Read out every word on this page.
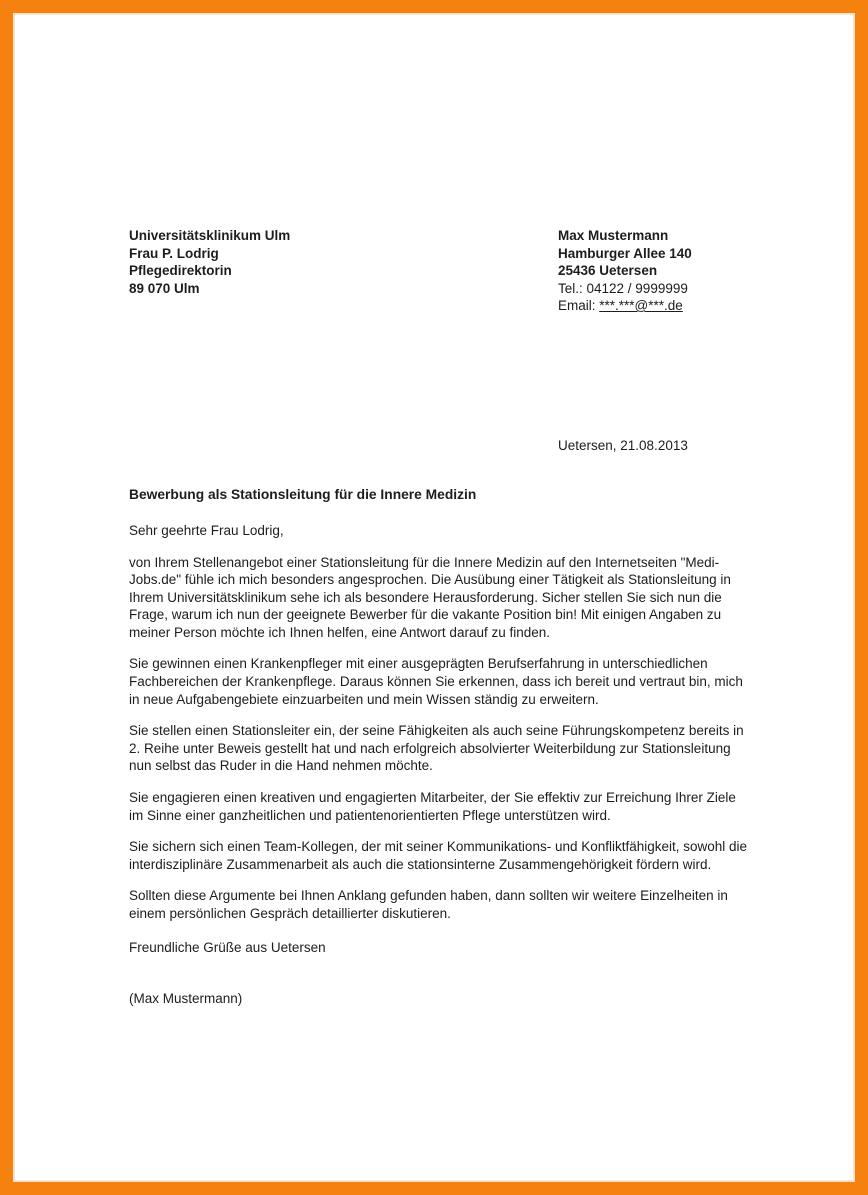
Universitätsklinikum Ulm
Frau P. Lodrig
Pflegedirektorin
89 070 Ulm
Max Mustermann
Hamburger Allee 140
25436 Uetersen
Tel.: 04122 / 9999999
Email: ***.***@***.de
Uetersen, 21.08.2013
Bewerbung als Stationsleitung für die Innere Medizin
Sehr geehrte Frau Lodrig,

von Ihrem Stellenangebot einer Stationsleitung für die Innere Medizin auf den Internetseiten "Medi-Jobs.de" fühle ich mich besonders angesprochen. Die Ausübung einer Tätigkeit als Stationsleitung in Ihrem Universitätsklinikum sehe ich als besondere Herausforderung. Sicher stellen Sie sich nun die Frage, warum ich nun der geeignete Bewerber für die vakante Position bin! Mit einigen Angaben zu meiner Person möchte ich Ihnen helfen, eine Antwort darauf zu finden.

Sie gewinnen einen Krankenpfleger mit einer ausgeprägten Berufserfahrung in unterschiedlichen Fachbereichen der Krankenpflege. Daraus können Sie erkennen, dass ich bereit und vertraut bin, mich in neue Aufgabengebiete einzuarbeiten und mein Wissen ständig zu erweitern.

Sie stellen einen Stationsleiter ein, der seine Fähigkeiten als auch seine Führungskompetenz bereits in 2. Reihe unter Beweis gestellt hat und nach erfolgreich absolvierter Weiterbildung zur Stationsleitung nun selbst das Ruder in die Hand nehmen möchte.

Sie engagieren einen kreativen und engagierten Mitarbeiter, der Sie effektiv zur Erreichung Ihrer Ziele im Sinne einer ganzheitlichen und patientenorientierten Pflege unterstützen wird.

Sie sichern sich einen Team-Kollegen, der mit seiner Kommunikations- und Konfliktfähigkeit, sowohl die interdisziplinäre Zusammenarbeit als auch die stationsinterne Zusammengehörigkeit fördern wird.

Sollten diese Argumente bei Ihnen Anklang gefunden haben, dann sollten wir weitere Einzelheiten in einem persönlichen Gespräch detaillierter diskutieren.

Freundliche Grüße aus Uetersen
(Max Mustermann)
